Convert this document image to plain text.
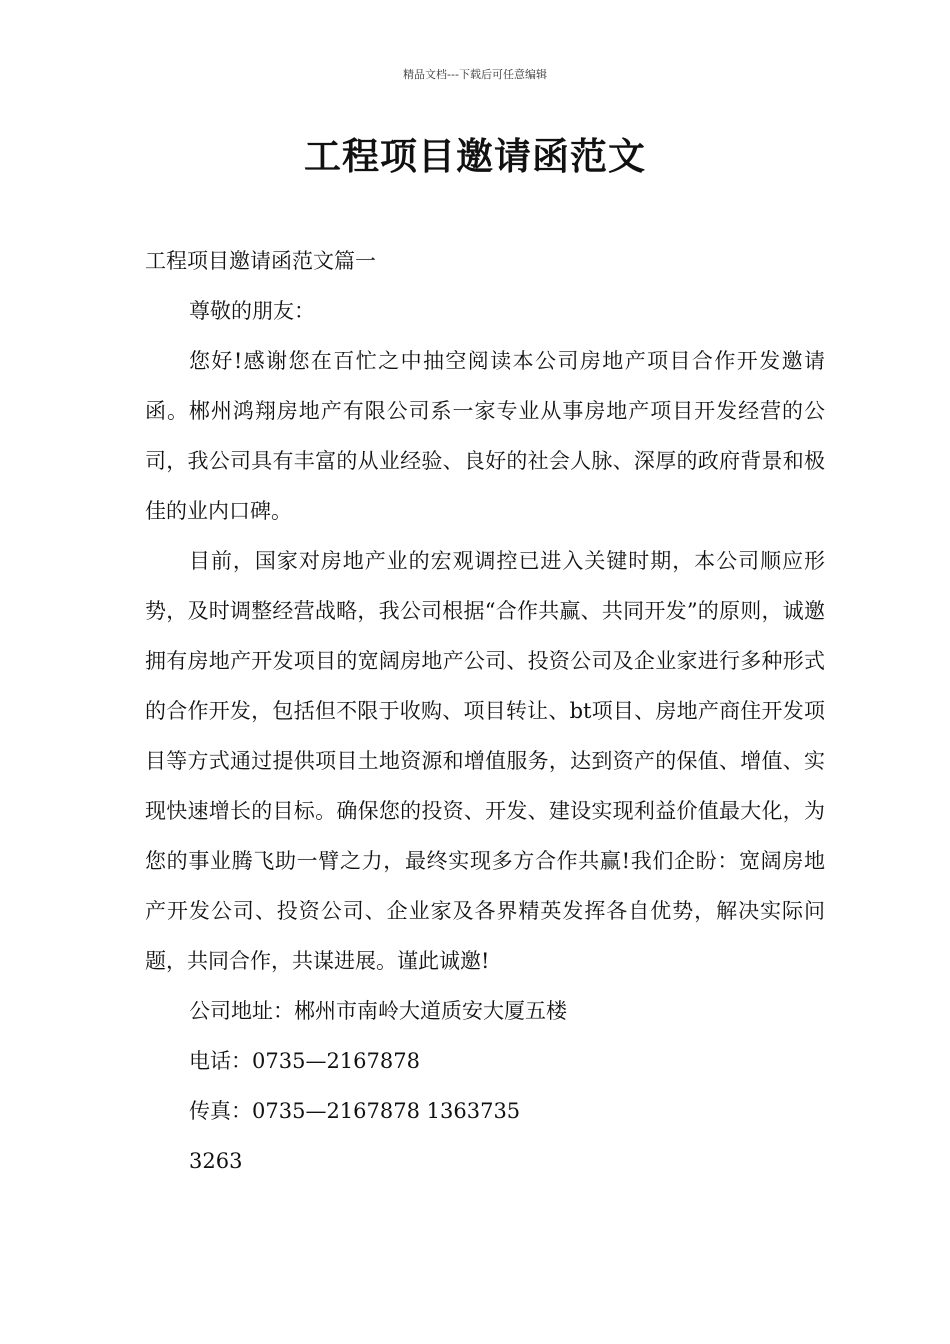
精品文档---下载后可任意编辑
工程项目邀请函范文

工程项目邀请函范文篇一

尊敬的朋友：

您好!感谢您在百忙之中抽空阅读本公司房地产项目合作开发邀请函。郴州鸿翔房地产有限公司系一家专业从事房地产项目开发经营的公司，我公司具有丰富的从业经验、良好的社会人脉、深厚的政府背景和极佳的业内口碑。

目前，国家对房地产业的宏观调控已进入关键时期，本公司顺应形势，及时调整经营战略，我公司根据“合作共赢、共同开发”的原则，诚邀拥有房地产开发项目的宽阔房地产公司、投资公司及企业家进行多种形式的合作开发，包括但不限于收购、项目转让、bt项目、房地产商住开发项目等方式通过提供项目土地资源和增值服务，达到资产的保值、增值、实现快速增长的目标。确保您的投资、开发、建设实现利益价值最大化，为您的事业腾飞助一臂之力，最终实现多方合作共赢!我们企盼：宽阔房地产开发公司、投资公司、企业家及各界精英发挥各自优势，解决实际问题，共同合作，共谋进展。谨此诚邀!

公司地址：郴州市南岭大道质安大厦五楼

电话：0735—2167878

传真：0735—2167878 1363735

3263
